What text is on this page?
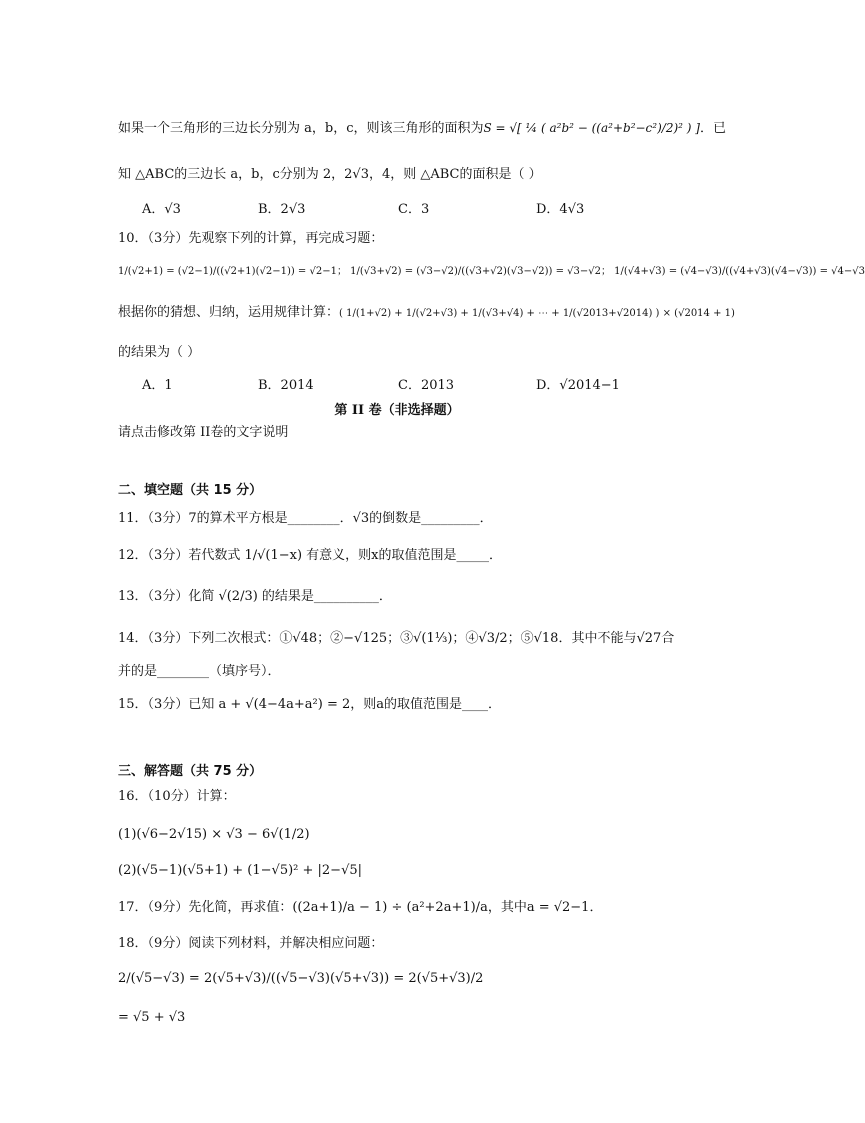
如果一个三角形的三边长分别为 a，b，c，则该三角形的面积为S = √[ ¼ ( a²b² − ((a²+b²−c²)/2)² ) ]．已
知 △ABC的三边长 a，b，c分别为 2，2√3，4，则 △ABC的面积是（ ）
A．√3	B．2√3	C．3	D．4√3
10．（3分）先观察下列的计算，再完成习题：
1/(√2+1) = (√2−1)/((√2+1)(√2−1)) = √2−1； 1/(√3+√2) = (√3−√2)/((√3+√2)(√3−√2)) = √3−√2； 1/(√4+√3) = (√4−√3)/((√4+√3)(√4−√3)) = √4−√3
根据你的猜想、归纳，运用规律计算：( 1/(1+√2) + 1/(√2+√3) + 1/(√3+√4) + ⋯ + 1/(√2013+√2014) ) × (√2014 + 1)
的结果为（ ）
A．1	B．2014	C．2013	D．√2014−1
第 II 卷（非选择题）
请点击修改第 II卷的文字说明
二、填空题（共 15 分）
11．（3分）7的算术平方根是________．√3的倒数是_________．
12．（3分）若代数式 1/√(1−x) 有意义，则x的取值范围是_____．
13．（3分）化简 √(2/3) 的结果是__________．
14．（3分）下列二次根式：①√48；②−√125；③√(1⅓)；④√3/2；⑤√18．其中不能与√27合
并的是________（填序号）．
15．（3分）已知 a + √(4−4a+a²) = 2，则a的取值范围是____．
三、解答题（共 75 分）
16．（10分）计算：
(1)(√6−2√15) × √3 − 6√(1/2)
(2)(√5−1)(√5+1) + (1−√5)² + |2−√5|
17．（9分）先化简，再求值：((2a+1)/a − 1) ÷ (a²+2a+1)/a，其中a = √2−1．
18．（9分）阅读下列材料，并解决相应问题：
2/(√5−√3) = 2(√5+√3)/((√5−√3)(√5+√3)) = 2(√5+√3)/2
= √5 + √3
